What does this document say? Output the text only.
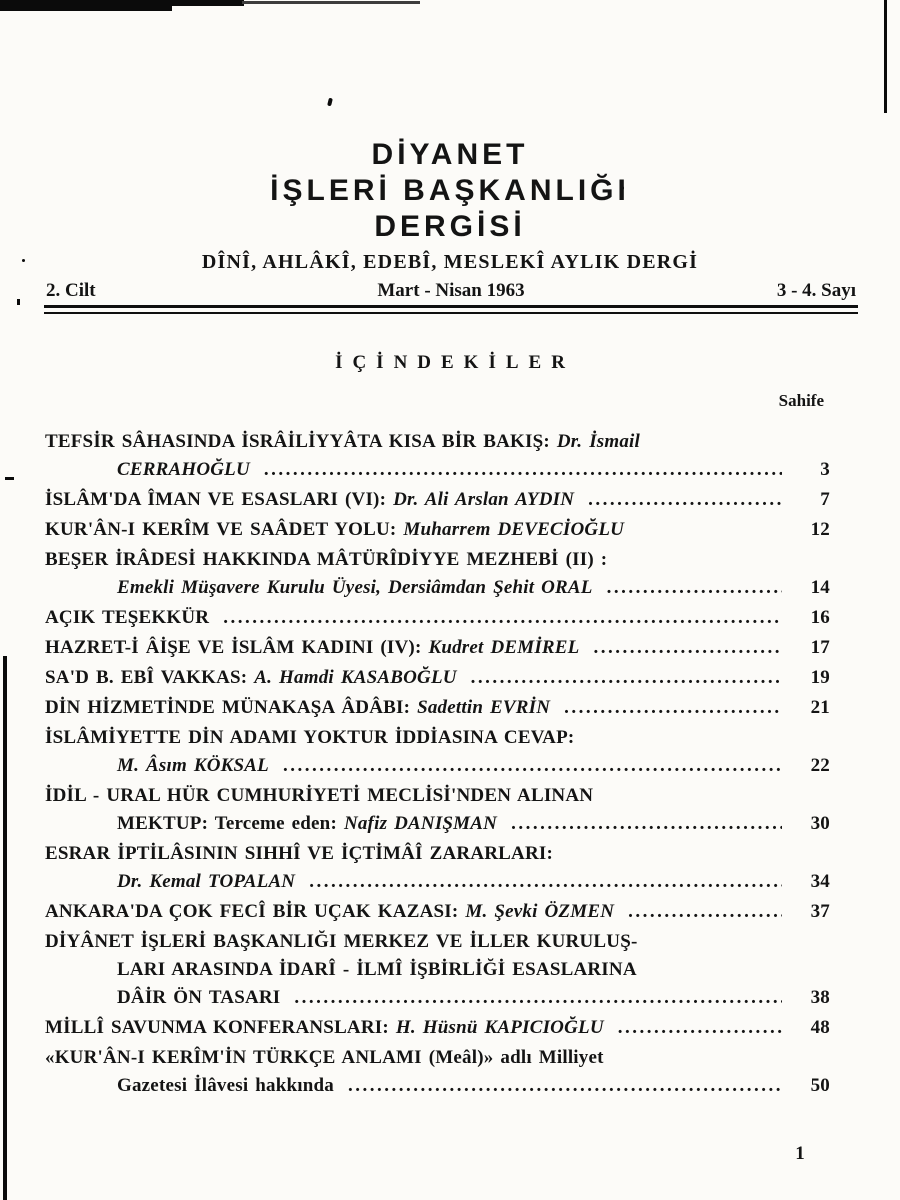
DİYANET
İŞLERİ BAŞKANLIĞI
DERGİSİ
DÎNÎ, AHLÂKÎ, EDEBÎ, MESLEKÎ AYLIK DERGİ
2. Cilt	Mart - Nisan 1963	3 - 4. Sayı
İÇİNDEKİLER
Sahife
TEFSİR SÂHASINDA İSRÂİLİYYÂTA KISA BİR BAKIŞ: Dr. İsmail
CERRAHOĞLU .....	3
İSLÂM'DA ÎMAN VE ESASLARI (VI): Dr. Ali Arslan AYDIN .....	7
KUR'ÂN-I KERÎM VE SAÂDET YOLU: Muharrem DEVECİOĞLU	12
BEŞER İRÂDESİ HAKKINDA MÂTÜRÎDİYYE MEZHEBİ (II) :
Emekli Müşavere Kurulu Üyesi, Dersiâmdan Şehit ORAL .....	14
AÇIK TEŞEKKÜR .....	16
HAZRET-İ ÂİŞE VE İSLÂM KADINI (IV): Kudret DEMİREL .....	17
SA'D B. EBÎ VAKKAS: A. Hamdi KASABOĞLU .....	19
DİN HİZMETİNDE MÜNAKAŞA ÂDÂBI: Sadettin EVRİN .....	21
İSLÂMİYETTE DİN ADAMI YOKTUR İDDİASINA CEVAP:
M. Âsım KÖKSAL .....	22
İDİL - URAL HÜR CUMHURİYETİ MECLİSİ'NDEN ALINAN
MEKTUP: Terceme eden: Nafiz DANIŞMAN .....	30
ESRAR İPTİLÂSININ SIHHÎ VE İÇTİMÂÎ ZARARLARI:
Dr. Kemal TOPALAN .....	34
ANKARA'DA ÇOK FECÎ BİR UÇAK KAZASI: M. Şevki ÖZMEN .....	37
DİYÂNET İŞLERİ BAŞKANLIĞI MERKEZ VE İLLER KURULUŞ-
LARI ARASINDA İDARÎ - İLMÎ İŞBİRLİĞİ ESASLARINA
DÂİR ÖN TASARI .....	38
MİLLÎ SAVUNMA KONFERANSLARI: H. Hüsnü KAPICIOĞLU .....	48
«KUR'ÂN-I KERÎM'İN TÜRKÇE ANLAMI (Meâl)» adlı Milliyet
Gazetesi İlâvesi hakkında .....	50
1
